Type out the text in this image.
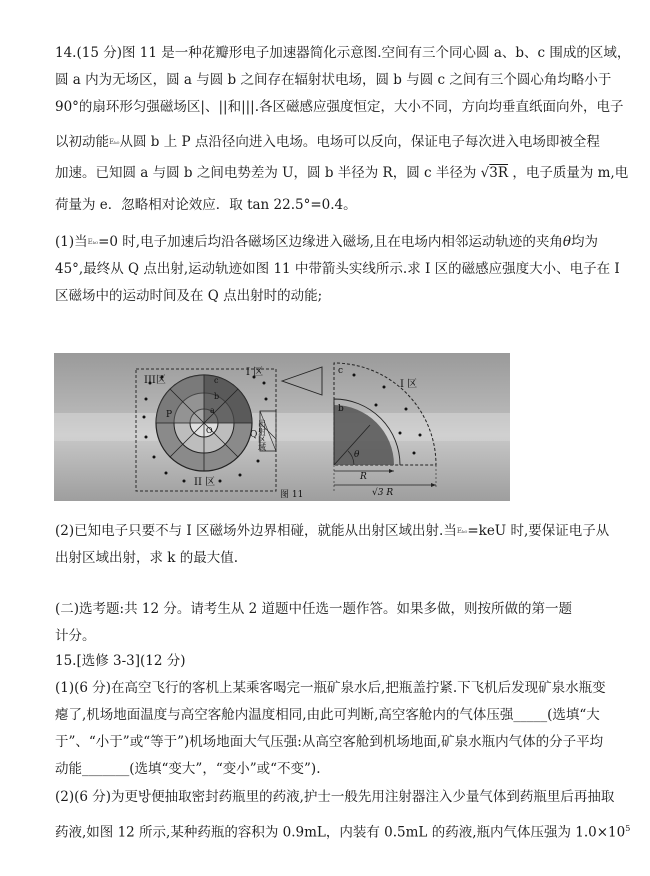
14.(15 分)图 11 是一种花瓣形电子加速器简化示意图.空间有三个同心圆 a、b、c 围成的区域，
圆 a 内为无场区，圆 a 与圆 b 之间存在辐射状电场，圆 b 与圆 c 之间有三个圆心角均略小于
90°的扇环形匀强磁场区|、||和|||.各区磁感应强度恒定，大小不同，方向均垂直纸面向外，电子

以初动能$^{E_{k0}}$从圆 b 上 P 点沿径向进入电场。电场可以反向，保证电子每次进入电场即被全程

加速。已知圆 a 与圆 b 之间电势差为 U，圆 b 半径为 R，圆 c 半径为 √3R ，电子质量为 m,电

荷量为 e．忽略相对论效应．取 tan 22.5°=0.4。

(1)当$^{E_{k0}}$=0 时,电子加速后均沿各磁场区边缘进入磁场,且在电场内相邻运动轨迹的夹角θ均为
45°,最终从 Q 点出射,运动轨迹如图 11 中带箭头实线所示.求 I 区的磁感应强度大小、电子在 I
区磁场中的运动时间及在 Q 点出射时的动能;

III区
I 区
II 区
P
Q
O
c
b
a
出射区域
c
b
I 区
θ
R
√3 R
图 11

(2)已知电子只要不与 I 区磁场外边界相碰，就能从出射区域出射.当$^{E_{k0}}$=keU 时,要保证电子从
出射区域出射，求 k 的最大值.

(二)选考题:共 12 分。请考生从 2 道题中任选一题作答。如果多做，则按所做的第一题
计分。

15.[选修 3-3](12 分)

(1)(6 分)在高空飞行的客机上某乘客喝完一瓶矿泉水后,把瓶盖拧紧.下飞机后发现矿泉水瓶变
瘪了,机场地面温度与高空客舱内温度相同,由此可判断,高空客舱内的气体压强_____(选填“大
于”、“小于”或“等于”)机场地面大气压强:从高空客舱到机场地面,矿泉水瓶内气体的分子平均
动能_______(选填“变大”，“变小”或“不变”).

(2)(6 分)为更방便抽取密封药瓶里的药液,护士一般先用注射器注入少量气体到药瓶里后再抽取

药液,如图 12 所示,某种药瓶的容积为 0.9mL，内装有 0.5mL 的药液,瓶内气体压强为 $1.0\times 10^5$
